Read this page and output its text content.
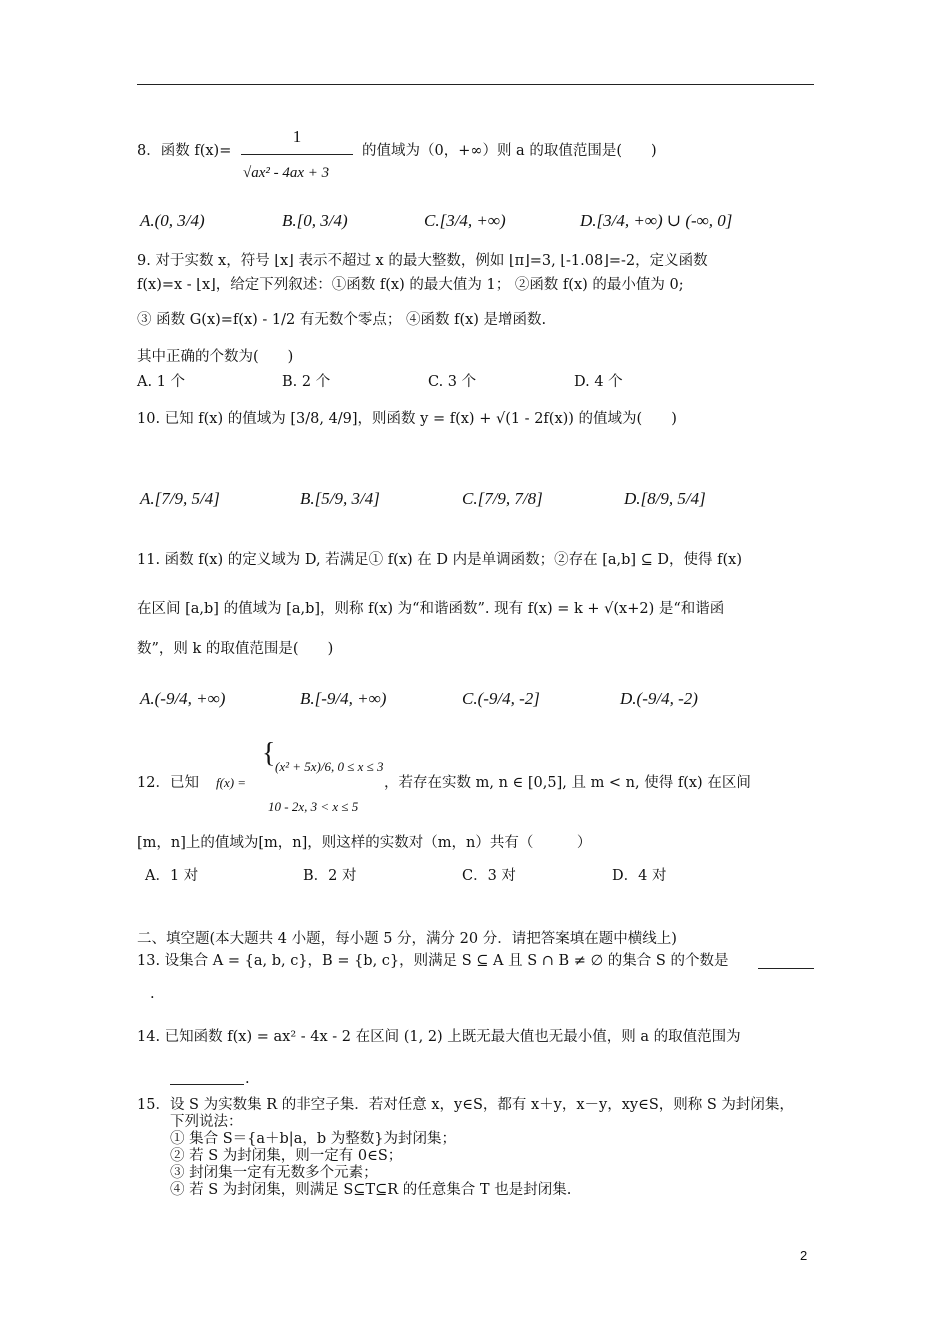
8．函数 f(x)=
1
√ax² - 4ax + 3
的值域为（0，+∞）则 a 的取值范围是(　　)
A.(0, 3/4)	B.[0, 3/4)	C.[3/4, +∞)	D.[3/4, +∞) ∪ (-∞, 0]
9. 对于实数 x，符号 ⌊x⌋ 表示不超过 x 的最大整数，例如 ⌊π⌋=3, ⌊-1.08⌋=-2，定义函数
f(x)=x - ⌊x⌋，给定下列叙述：①函数 f(x) 的最大值为 1； ②函数 f(x) 的最小值为 0;
③ 函数 G(x)=f(x) - 1/2 有无数个零点； ④函数 f(x) 是增函数.
其中正确的个数为(　　)
A. 1 个	B. 2 个	C. 3 个	D. 4 个
10. 已知 f(x) 的值域为 [3/8, 4/9]，则函数 y = f(x) + √(1 - 2f(x)) 的值域为(　　)
A.[7/9, 5/4]	B.[5/9, 3/4]	C.[7/9, 7/8]	D.[8/9, 5/4]
11. 函数 f(x) 的定义域为 D, 若满足① f(x) 在 D 内是单调函数；②存在 [a,b] ⊆ D，使得 f(x)
在区间 [a,b] 的值域为 [a,b]，则称 f(x) 为“和谐函数”. 现有 f(x) = k + √(x+2) 是“和谐函
数”，则 k 的取值范围是(　　)
A.(-9/4, +∞)	B.[-9/4, +∞)	C.(-9/4, -2]	D.(-9/4, -2)
12．已知 f(x) =
{ (x² + 5x)/6, 0 ≤ x ≤ 3
10 - 2x, 3 < x ≤ 5
，若存在实数 m, n ∈ [0,5], 且 m < n, 使得 f(x) 在区间
[m，n]上的值域为[m，n]，则这样的实数对（m，n）共有（　　　）
A．1 对	B．2 对	C．3 对	D．4 对
二、填空题(本大题共 4 小题，每小题 5 分，满分 20 分．请把答案填在题中横线上)
13. 设集合 A = {a, b, c}，B = {b, c}，则满足 S ⊆ A 且 S ∩ B ≠ ∅ 的集合 S 的个数是
.
14. 已知函数 f(x) = ax² - 4x - 2 在区间 (1, 2) 上既无最大值也无最小值，则 a 的取值范围为
.
15．设 S 为实数集 R 的非空子集．若对任意 x，y∈S，都有 x＋y，x－y，xy∈S，则称 S 为封闭集，
下列说法：
① 集合 S＝{a＋b|a，b 为整数}为封闭集；
② 若 S 为封闭集，则一定有 0∈S；
③ 封闭集一定有无数多个元素；
④ 若 S 为封闭集，则满足 S⊆T⊆R 的任意集合 T 也是封闭集.
2
